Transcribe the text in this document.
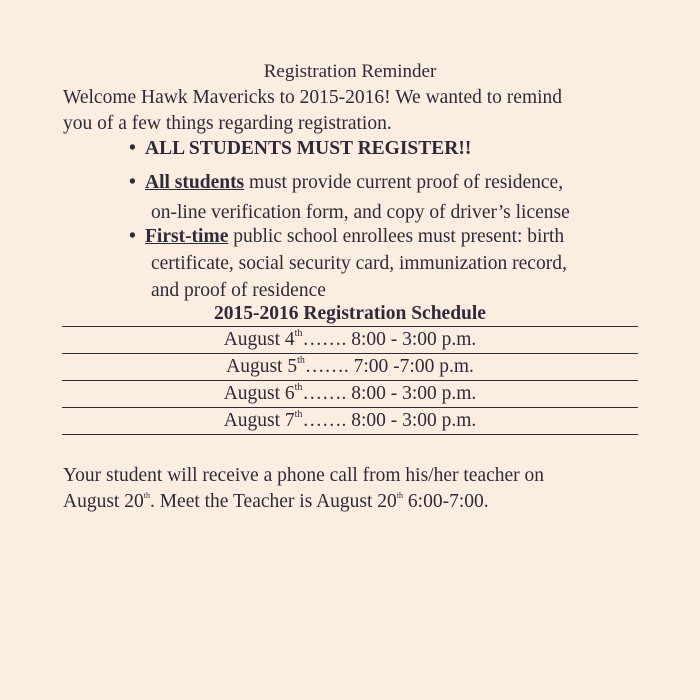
Registration Reminder
Welcome Hawk Mavericks to 2015-2016! We wanted to remind
you of a few things regarding registration.
• ALL STUDENTS MUST REGISTER!!
• All students must provide current proof of residence,
on-line verification form, and copy of driver’s license
• First-time public school enrollees must present: birth
certificate, social security card, immunization record,
and proof of residence
2015-2016 Registration Schedule
August 4th……. 8:00 - 3:00 p.m.
August 5th……. 7:00 -7:00 p.m.
August 6th……. 8:00 - 3:00 p.m.
August 7th……. 8:00 - 3:00 p.m.
Your student will receive a phone call from his/her teacher on
August 20th. Meet the Teacher is August 20th 6:00-7:00.
